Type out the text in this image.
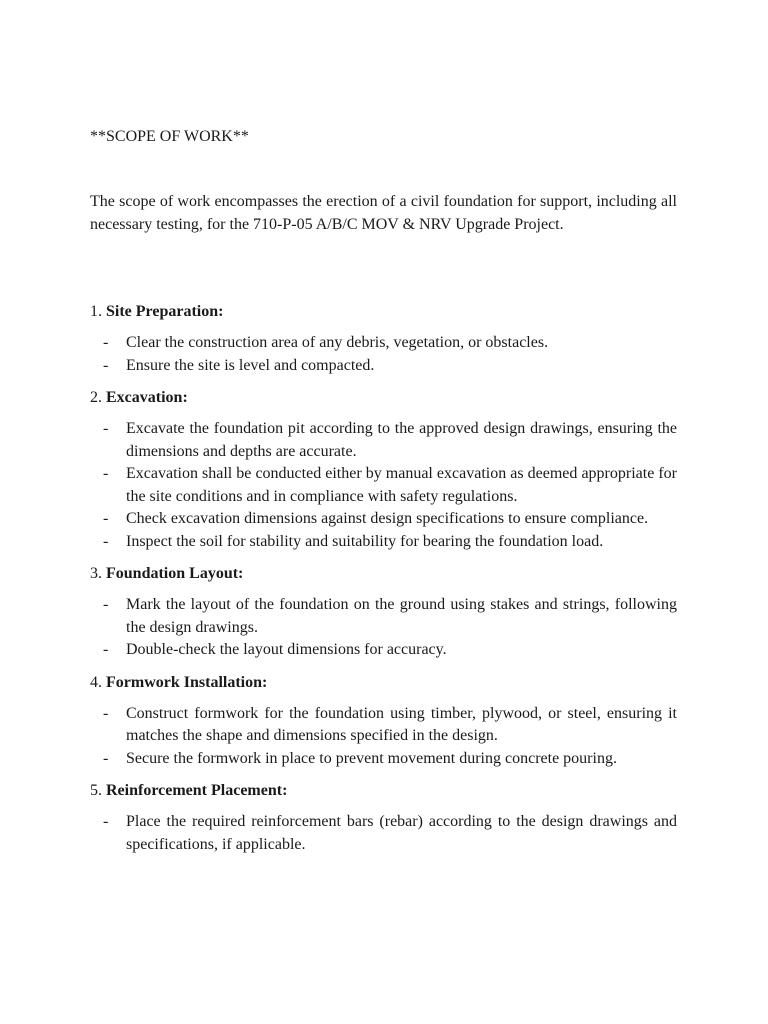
**SCOPE OF WORK**

The scope of work encompasses the erection of a civil foundation for support, including all necessary testing, for the 710-P-05 A/B/C MOV & NRV Upgrade Project.

1. Site Preparation:
- Clear the construction area of any debris, vegetation, or obstacles.
- Ensure the site is level and compacted.
2. Excavation:
- Excavate the foundation pit according to the approved design drawings, ensuring the dimensions and depths are accurate.
- Excavation shall be conducted either by manual excavation as deemed appropriate for the site conditions and in compliance with safety regulations.
- Check excavation dimensions against design specifications to ensure compliance.
- Inspect the soil for stability and suitability for bearing the foundation load.
3. Foundation Layout:
- Mark the layout of the foundation on the ground using stakes and strings, following the design drawings.
- Double-check the layout dimensions for accuracy.
4. Formwork Installation:
- Construct formwork for the foundation using timber, plywood, or steel, ensuring it matches the shape and dimensions specified in the design.
- Secure the formwork in place to prevent movement during concrete pouring.
5. Reinforcement Placement:
- Place the required reinforcement bars (rebar) according to the design drawings and specifications, if applicable.
